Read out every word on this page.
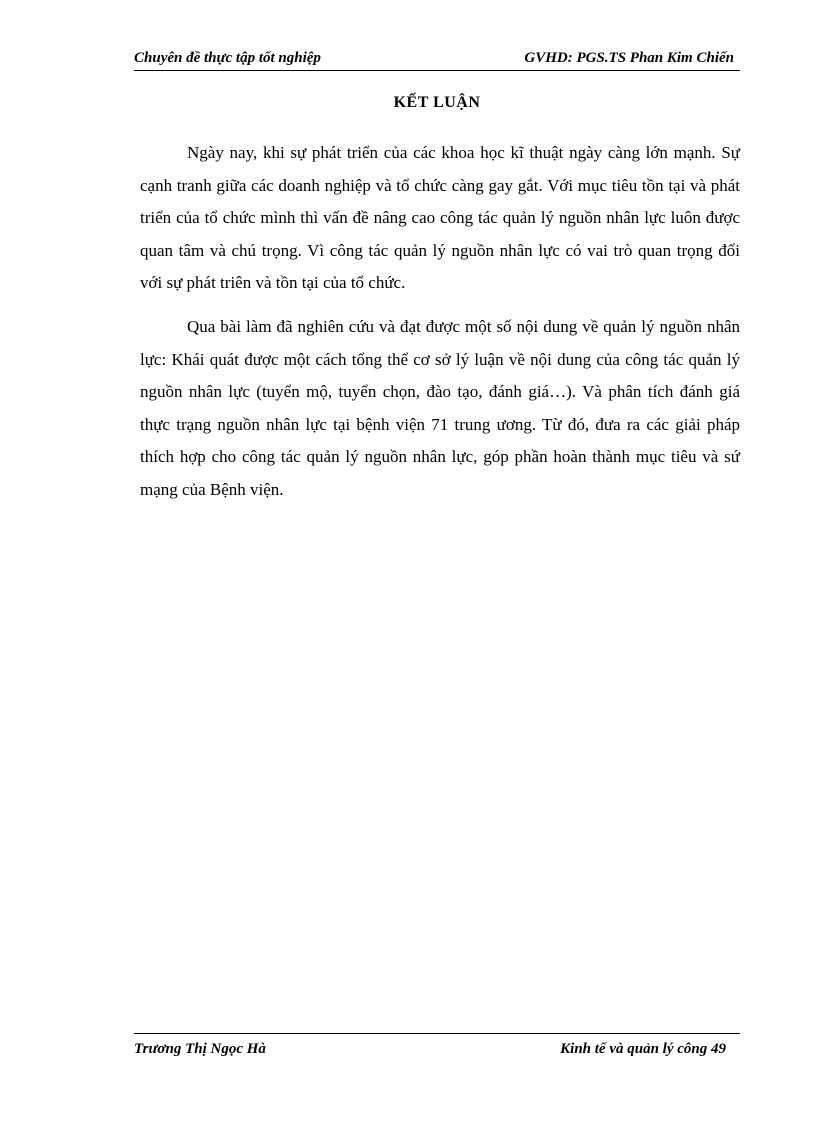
Chuyên đề thực tập tốt nghiệp	GVHD: PGS.TS Phan Kim Chiến
KẾT LUẬN

Ngày nay, khi sự phát triển của các khoa học kĩ thuật ngày càng lớn mạnh. Sự cạnh tranh giữa các doanh nghiệp và tổ chức càng gay gắt. Với mục tiêu tồn tại và phát triển của tổ chức mình thì vấn đề nâng cao công tác quản lý nguồn nhân lực luôn được quan tâm và chú trọng. Vì công tác quản lý nguồn nhân lực có vai trò quan trọng đối với sự phát triên và tồn tại của tổ chức.

Qua bài làm đã nghiên cứu và đạt được một số nội dung về quản lý nguồn nhân lực: Khái quát được một cách tổng thể cơ sở lý luận về nội dung của công tác quản lý nguồn nhân lực (tuyển mộ, tuyển chọn, đào tạo, đánh giá…). Và phân tích đánh giá thực trạng nguồn nhân lực tại bệnh viện 71 trung ương. Từ đó, đưa ra các giải pháp thích hợp cho công tác quản lý nguồn nhân lực, góp phần hoàn thành mục tiêu và sứ mạng của Bệnh viện.

Trương Thị Ngọc Hà	Kinh tế và quản lý công 49
